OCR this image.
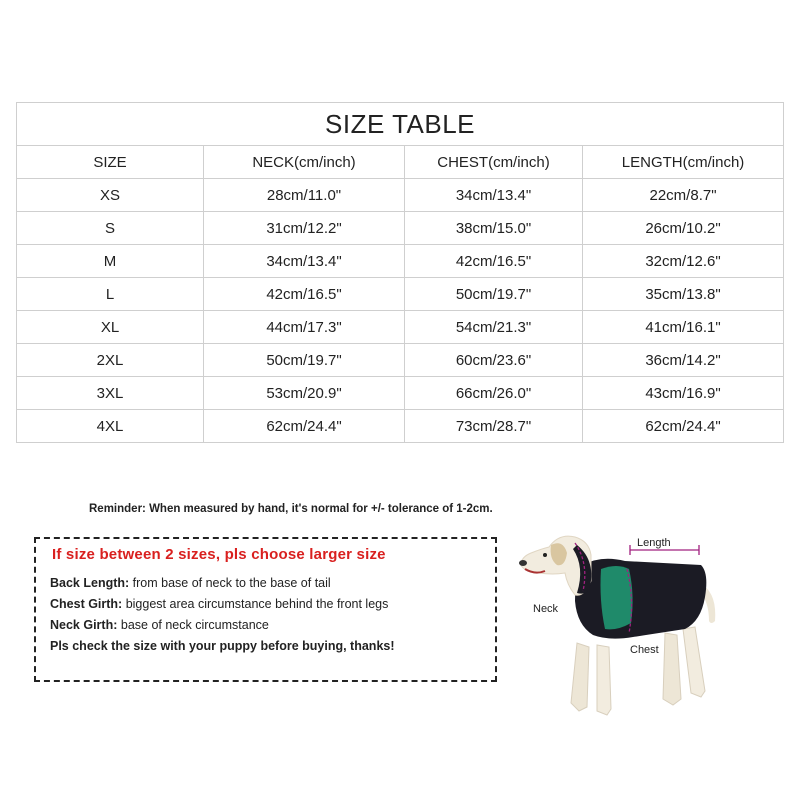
SIZE TABLE			
SIZE	NECK(cm/inch)	CHEST(cm/inch)	LENGTH(cm/inch)
XS	28cm/11.0"	34cm/13.4"	22cm/8.7"
S	31cm/12.2"	38cm/15.0"	26cm/10.2"
M	34cm/13.4"	42cm/16.5"	32cm/12.6"
L	42cm/16.5"	50cm/19.7"	35cm/13.8"
XL	44cm/17.3"	54cm/21.3"	41cm/16.1"
2XL	50cm/19.7"	60cm/23.6"	36cm/14.2"
3XL	53cm/20.9"	66cm/26.0"	43cm/16.9"
4XL	62cm/24.4"	73cm/28.7"	62cm/24.4"
Reminder: When measured by hand, it's normal for +/- tolerance of 1-2cm.
If size between 2 sizes, pls choose larger size
Back Length: from base of neck to the base of tail
Chest Girth: biggest area circumstance behind the front legs
Neck Girth: base of neck circumstance
Pls check the size with your puppy before buying, thanks!
Length
Neck
Chest
